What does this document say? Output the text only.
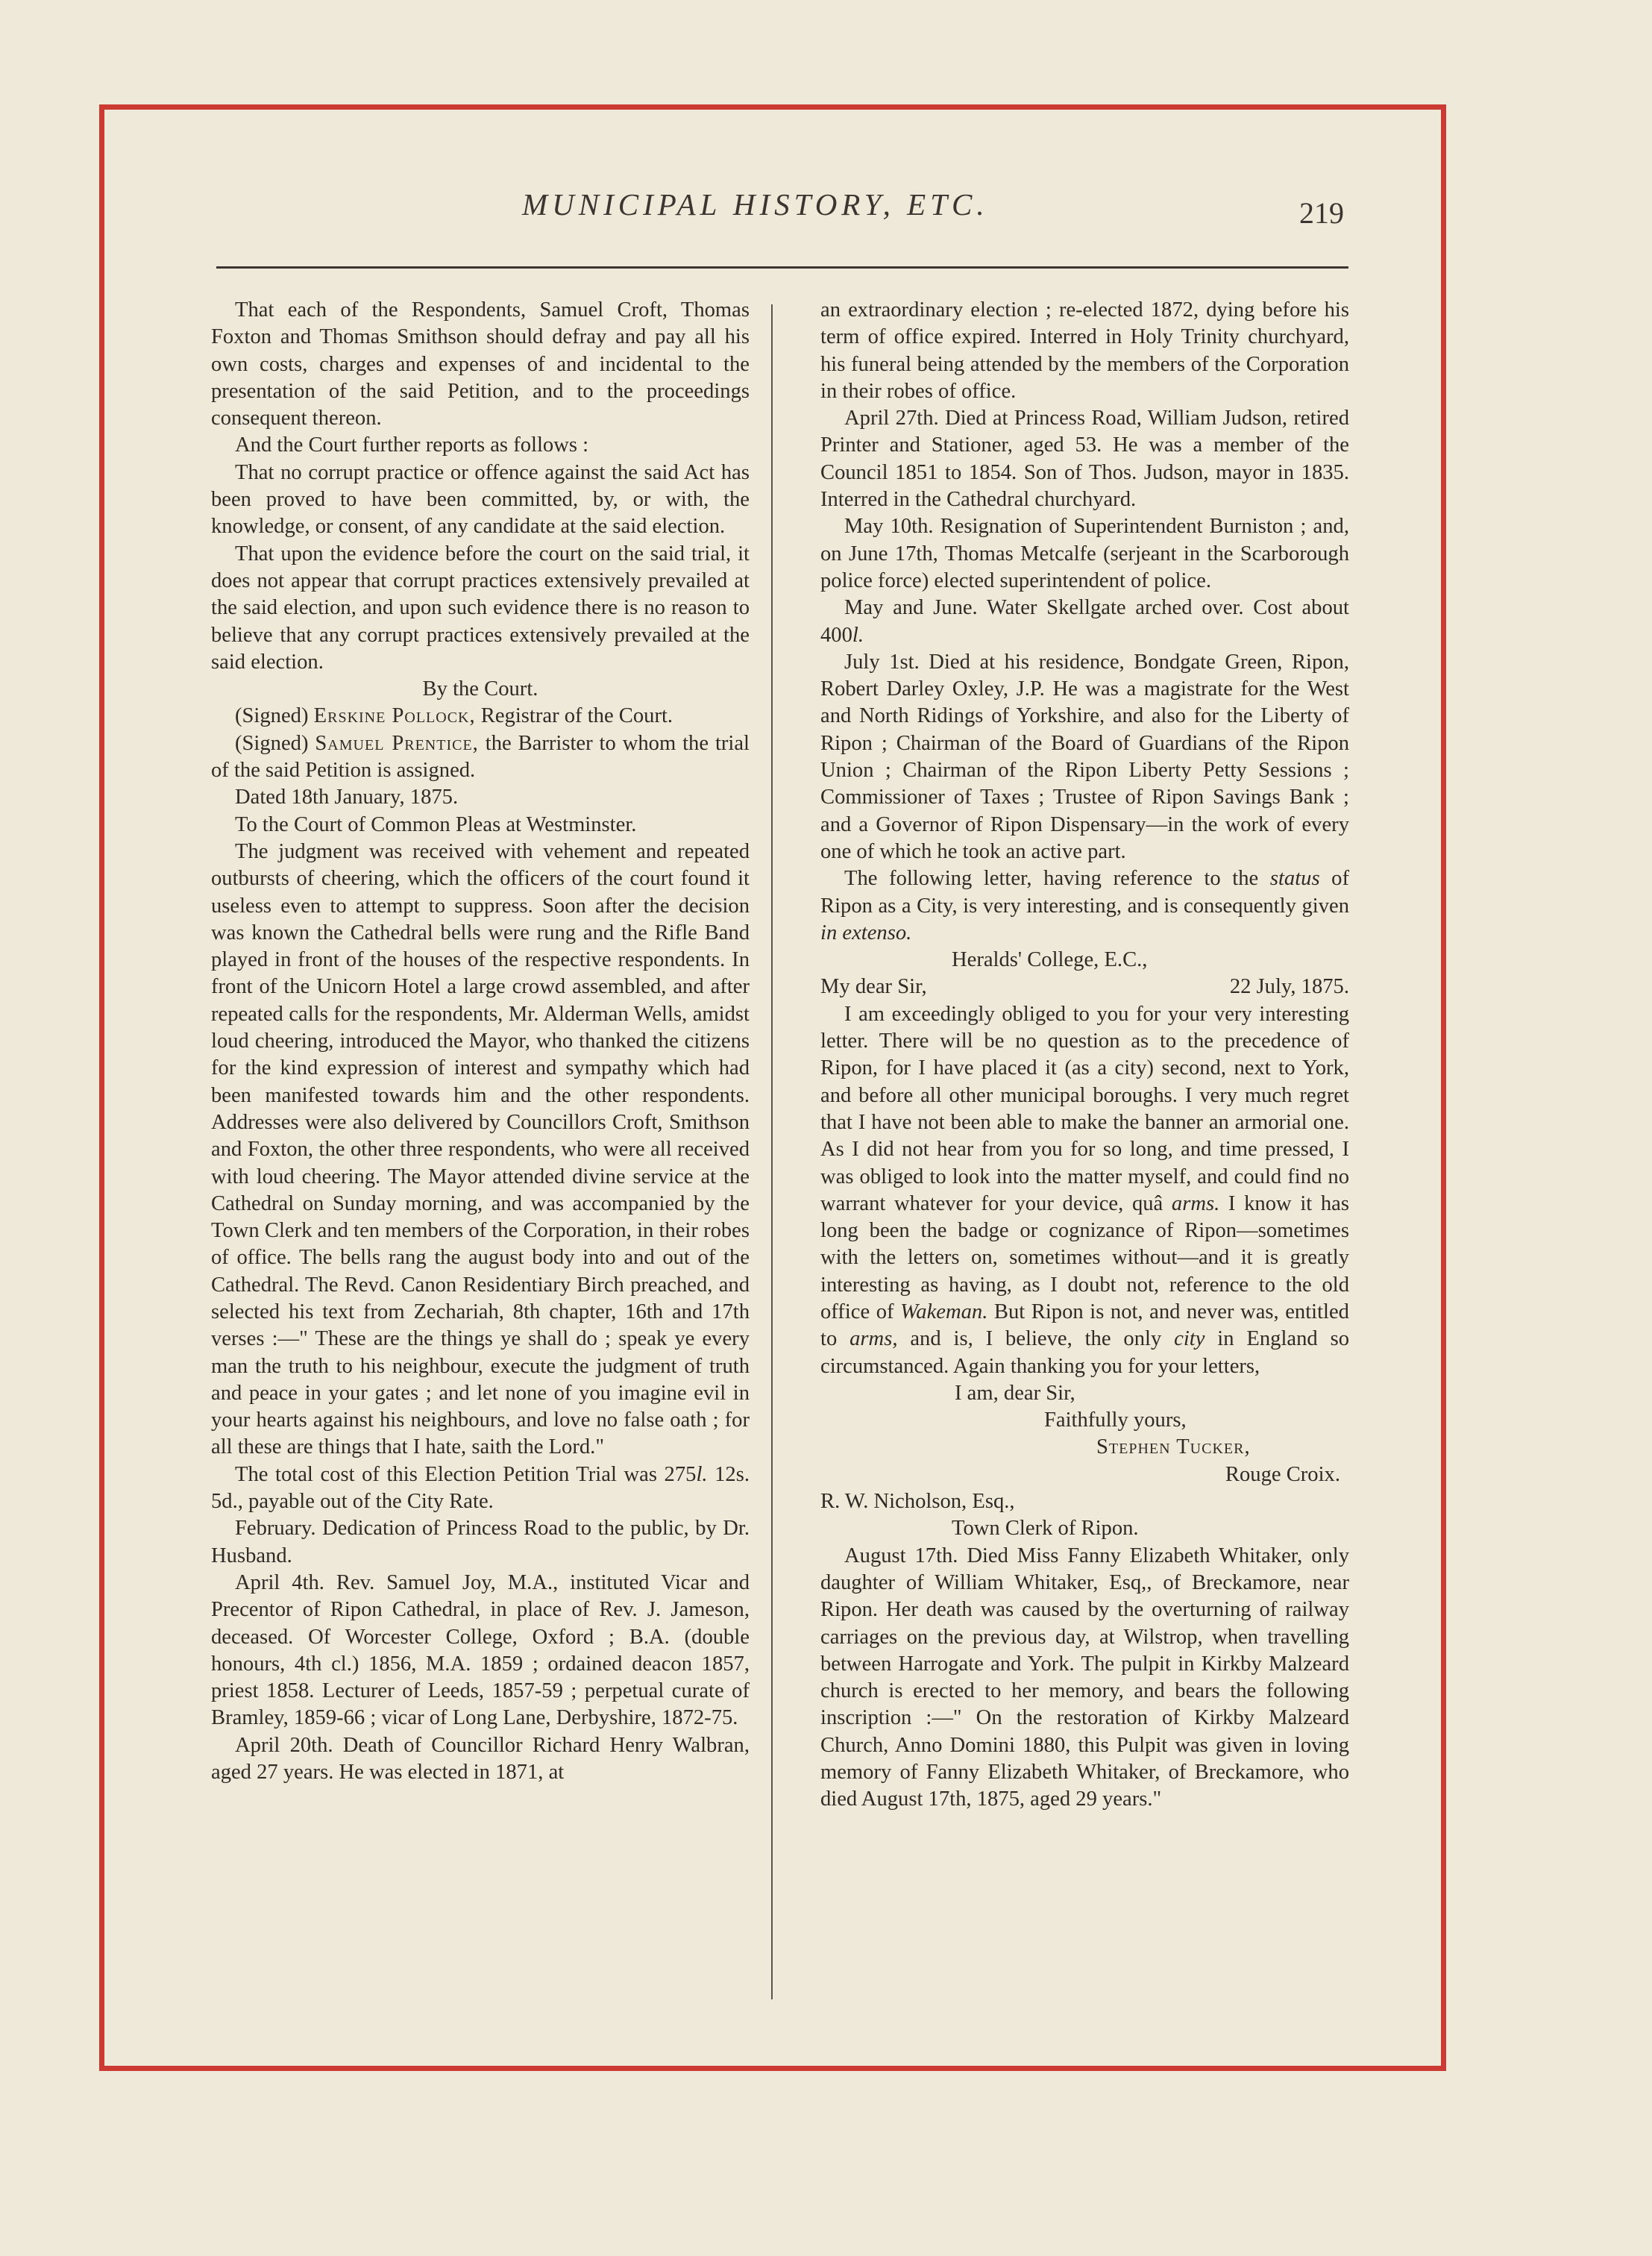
MUNICIPAL HISTORY, ETC.	219

That each of the Respondents, Samuel Croft, Thomas Foxton and Thomas Smithson should defray and pay all his own costs, charges and expenses of and incidental to the presentation of the said Petition, and to the proceedings consequent thereon.

And the Court further reports as follows :

That no corrupt practice or offence against the said Act has been proved to have been committed, by, or with, the knowledge, or consent, of any candidate at the said election.

That upon the evidence before the court on the said trial, it does not appear that corrupt practices extensively prevailed at the said election, and upon such evidence there is no reason to believe that any corrupt practices extensively prevailed at the said election.

By the Court.

(Signed) Erskine Pollock, Registrar of the Court.

(Signed) Samuel Prentice, the Barrister to whom the trial of the said Petition is assigned.

Dated 18th January, 1875.

To the Court of Common Pleas at Westminster.

The judgment was received with vehement and repeated outbursts of cheering, which the officers of the court found it useless even to attempt to suppress. Soon after the decision was known the Cathedral bells were rung and the Rifle Band played in front of the houses of the respective respondents. In front of the Unicorn Hotel a large crowd assembled, and after repeated calls for the respondents, Mr. Alderman Wells, amidst loud cheering, introduced the Mayor, who thanked the citizens for the kind expression of interest and sympathy which had been manifested towards him and the other respondents. Addresses were also delivered by Councillors Croft, Smithson and Foxton, the other three respondents, who were all received with loud cheering. The Mayor attended divine service at the Cathedral on Sunday morning, and was accompanied by the Town Clerk and ten members of the Corporation, in their robes of office. The bells rang the august body into and out of the Cathedral. The Revd. Canon Residentiary Birch preached, and selected his text from Zechariah, 8th chapter, 16th and 17th verses :—" These are the things ye shall do ; speak ye every man the truth to his neighbour, execute the judgment of truth and peace in your gates ; and let none of you imagine evil in your hearts against his neighbours, and love no false oath ; for all these are things that I hate, saith the Lord."

The total cost of this Election Petition Trial was 275l. 12s. 5d., payable out of the City Rate.

February. Dedication of Princess Road to the public, by Dr. Husband.

April 4th. Rev. Samuel Joy, M.A., instituted Vicar and Precentor of Ripon Cathedral, in place of Rev. J. Jameson, deceased. Of Worcester College, Oxford ; B.A. (double honours, 4th cl.) 1856, M.A. 1859 ; ordained deacon 1857, priest 1858. Lecturer of Leeds, 1857-59 ; perpetual curate of Bramley, 1859-66 ; vicar of Long Lane, Derbyshire, 1872-75.

April 20th. Death of Councillor Richard Henry Walbran, aged 27 years. He was elected in 1871, at

an extraordinary election ; re-elected 1872, dying before his term of office expired. Interred in Holy Trinity churchyard, his funeral being attended by the members of the Corporation in their robes of office.

April 27th. Died at Princess Road, William Judson, retired Printer and Stationer, aged 53. He was a member of the Council 1851 to 1854. Son of Thos. Judson, mayor in 1835. Interred in the Cathedral churchyard.

May 10th. Resignation of Superintendent Burniston ; and, on June 17th, Thomas Metcalfe (serjeant in the Scarborough police force) elected superintendent of police.

May and June. Water Skellgate arched over. Cost about 400l.

July 1st. Died at his residence, Bondgate Green, Ripon, Robert Darley Oxley, J.P. He was a magistrate for the West and North Ridings of Yorkshire, and also for the Liberty of Ripon ; Chairman of the Board of Guardians of the Ripon Union ; Chairman of the Ripon Liberty Petty Sessions ; Commissioner of Taxes ; Trustee of Ripon Savings Bank ; and a Governor of Ripon Dispensary—in the work of every one of which he took an active part.

The following letter, having reference to the status of Ripon as a City, is very interesting, and is consequently given in extenso.

Heralds' College, E.C.,

My dear Sir,	22 July, 1875.

I am exceedingly obliged to you for your very interesting letter. There will be no question as to the precedence of Ripon, for I have placed it (as a city) second, next to York, and before all other municipal boroughs. I very much regret that I have not been able to make the banner an armorial one. As I did not hear from you for so long, and time pressed, I was obliged to look into the matter myself, and could find no warrant whatever for your device, quâ arms. I know it has long been the badge or cognizance of Ripon—sometimes with the letters on, sometimes without—and it is greatly interesting as having, as I doubt not, reference to the old office of Wakeman. But Ripon is not, and never was, entitled to arms, and is, I believe, the only city in England so circumstanced. Again thanking you for your letters,

I am, dear Sir,

Faithfully yours,

Stephen Tucker,

Rouge Croix.

R. W. Nicholson, Esq.,

Town Clerk of Ripon.

August 17th. Died Miss Fanny Elizabeth Whitaker, only daughter of William Whitaker, Esq,, of Breckamore, near Ripon. Her death was caused by the overturning of railway carriages on the previous day, at Wilstrop, when travelling between Harrogate and York. The pulpit in Kirkby Malzeard church is erected to her memory, and bears the following inscription :—" On the restoration of Kirkby Malzeard Church, Anno Domini 1880, this Pulpit was given in loving memory of Fanny Elizabeth Whitaker, of Breckamore, who died August 17th, 1875, aged 29 years."
